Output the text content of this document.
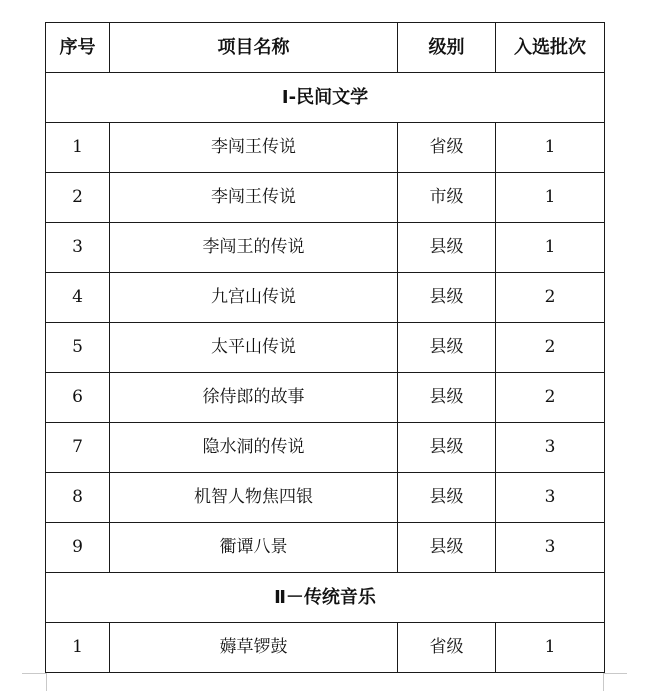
序号	项目名称	级别	入选批次
Ⅰ-民间文学			
1	李闯王传说	省级	1
2	李闯王传说	市级	1
3	李闯王的传说	县级	1
4	九宫山传说	县级	2
5	太平山传说	县级	2
6	徐侍郎的故事	县级	2
7	隐水洞的传说	县级	3
8	机智人物焦四银	县级	3
9	衢谭八景	县级	3
Ⅱ－传统音乐			
1	薅草锣鼓	省级	1
